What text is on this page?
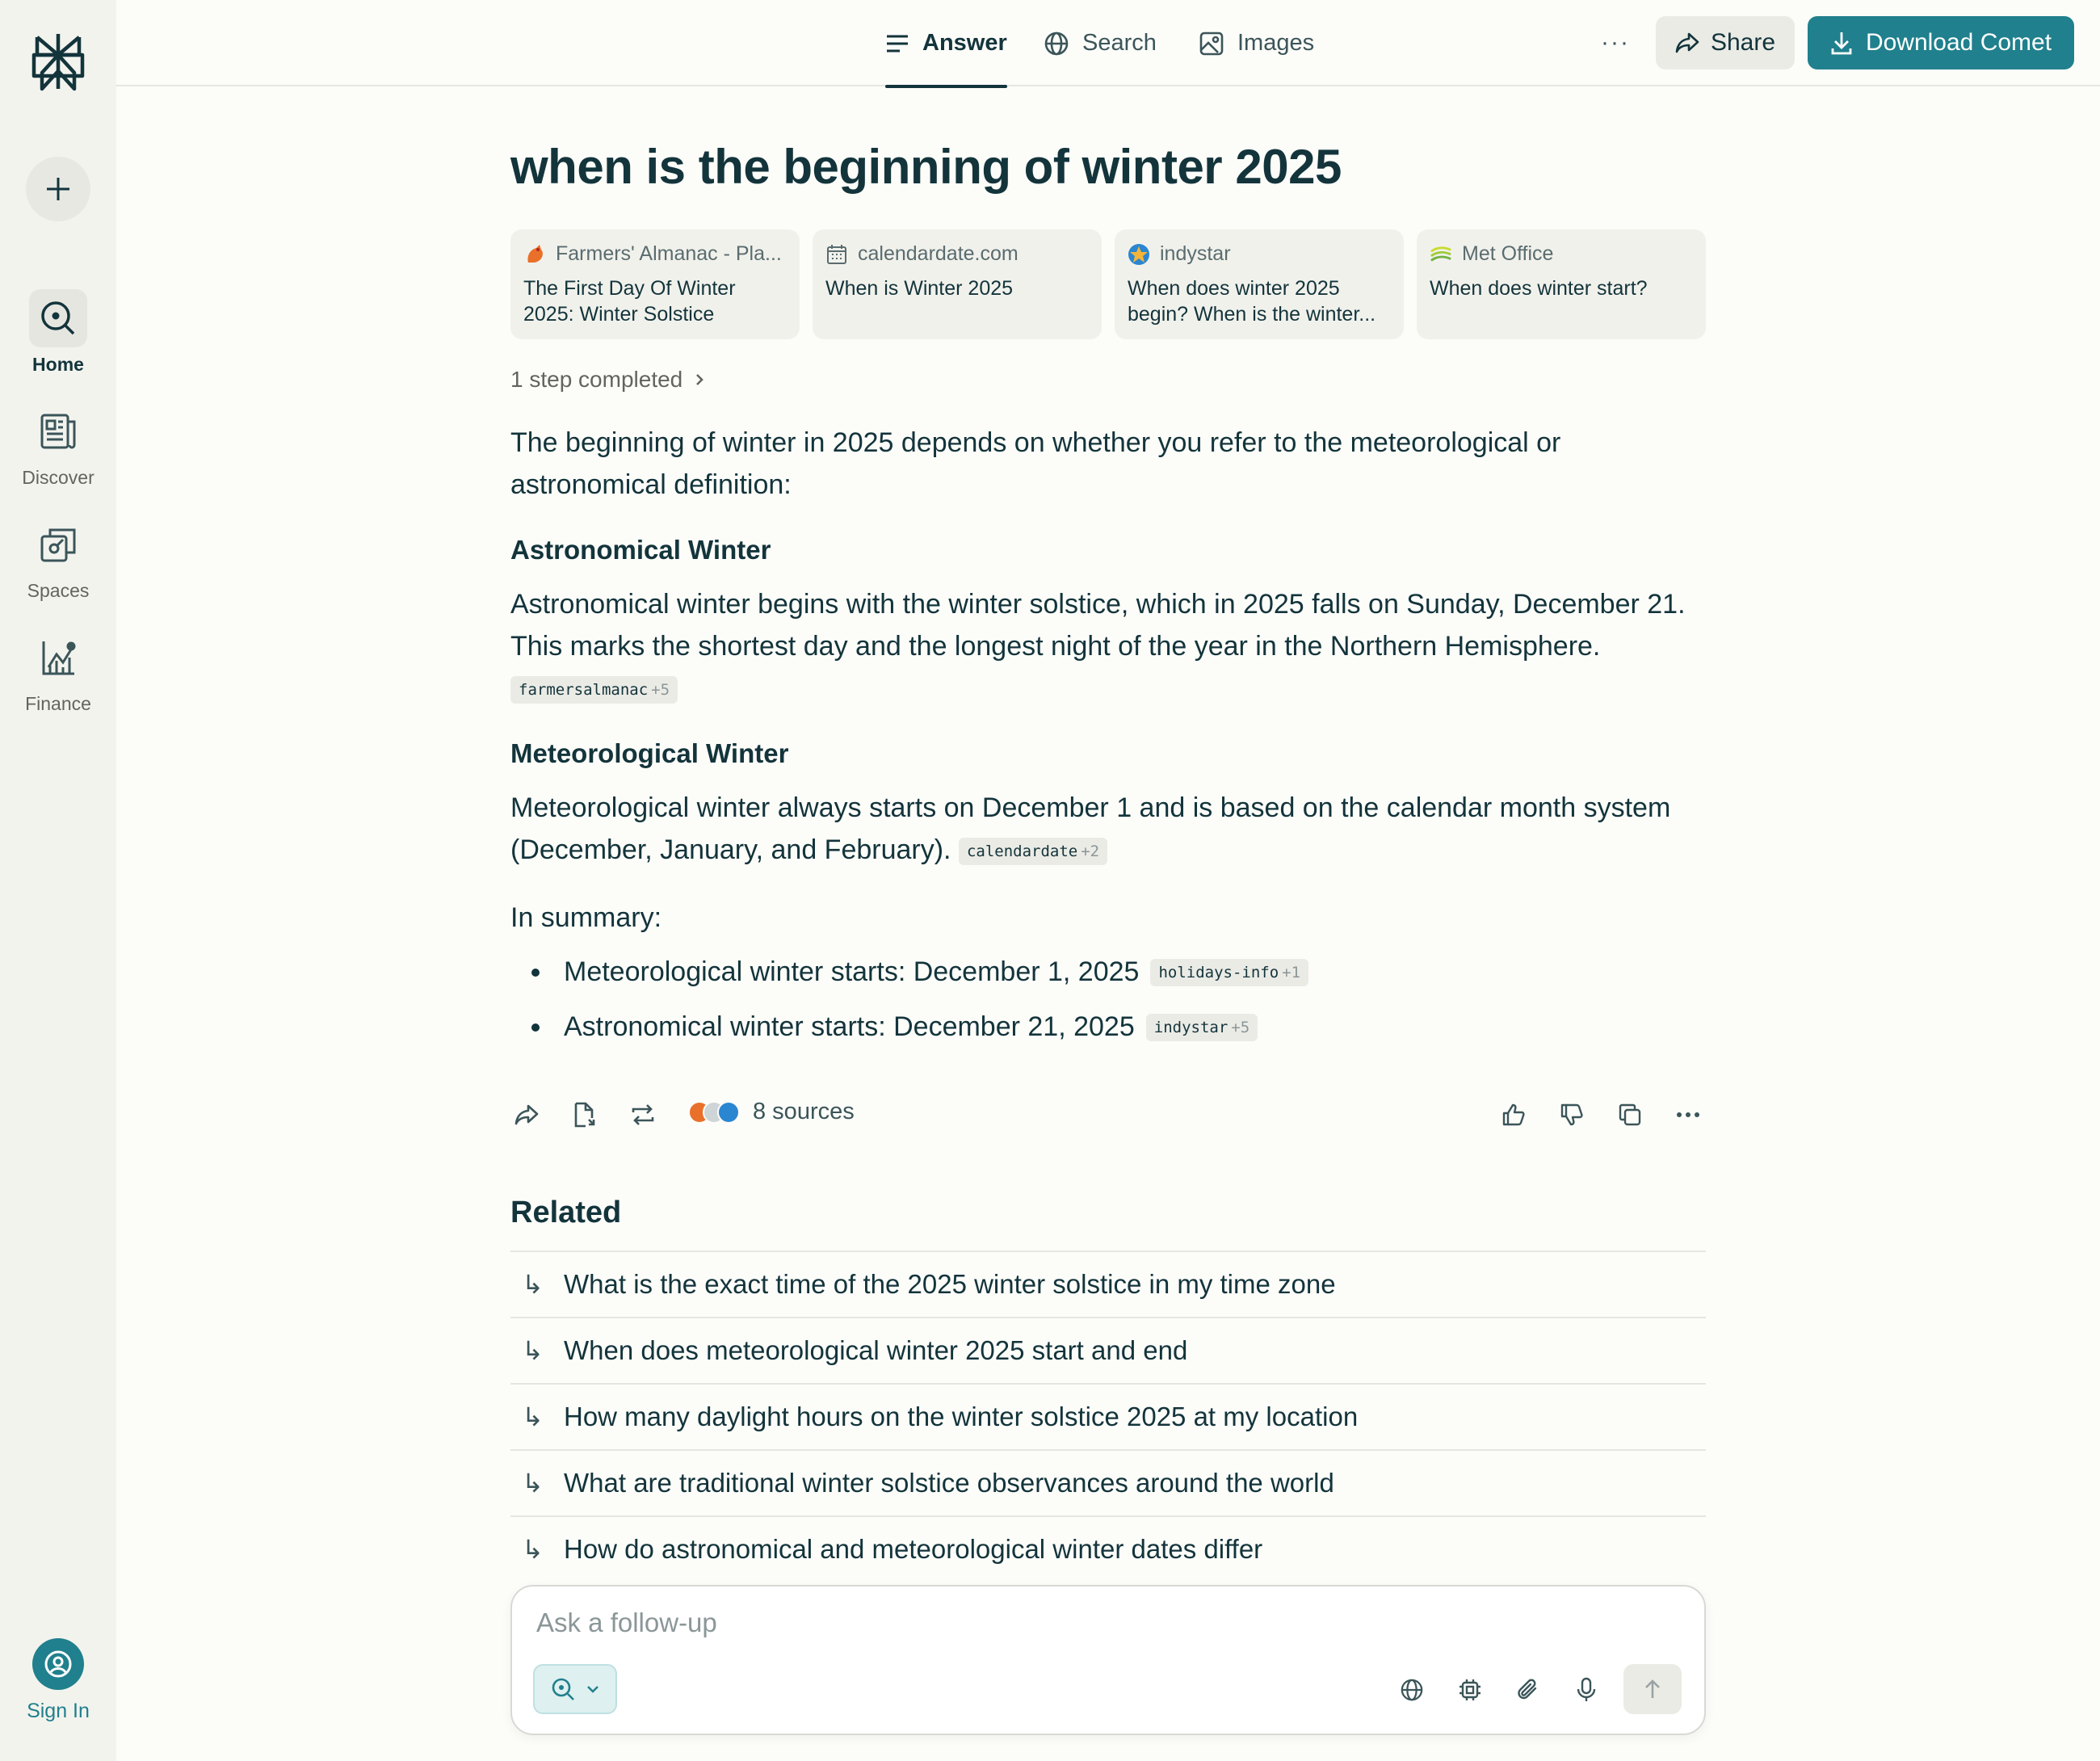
Home
Discover
Spaces
Finance
Sign In
Answer	Search	Images	···	Share	Download Comet
when is the beginning of winter 2025
Farmers' Almanac - Pla...
The First Day Of Winter 2025: Winter Solstice
calendardate.com
When is Winter 2025
indystar
When does winter 2025 begin? When is the winter...
Met Office
When does winter start?
1 step completed

The beginning of winter in 2025 depends on whether you refer to the meteorological or astronomical definition:

Astronomical Winter

Astronomical winter begins with the winter solstice, which in 2025 falls on Sunday, December 21. This marks the shortest day and the longest night of the year in the Northern Hemisphere.
farmersalmanac +5

Meteorological Winter

Meteorological winter always starts on December 1 and is based on the calendar month system (December, January, and February). calendardate +2

In summary:

Meteorological winter starts: December 1, 2025	holidays-info +1
Astronomical winter starts: December 21, 2025	indystar +5
8 sources
Related
↳ What is the exact time of the 2025 winter solstice in my time zone
↳ When does meteorological winter 2025 start and end
↳ How many daylight hours on the winter solstice 2025 at my location
↳ What are traditional winter solstice observances around the world
↳ How do astronomical and meteorological winter dates differ
Ask a follow-up
